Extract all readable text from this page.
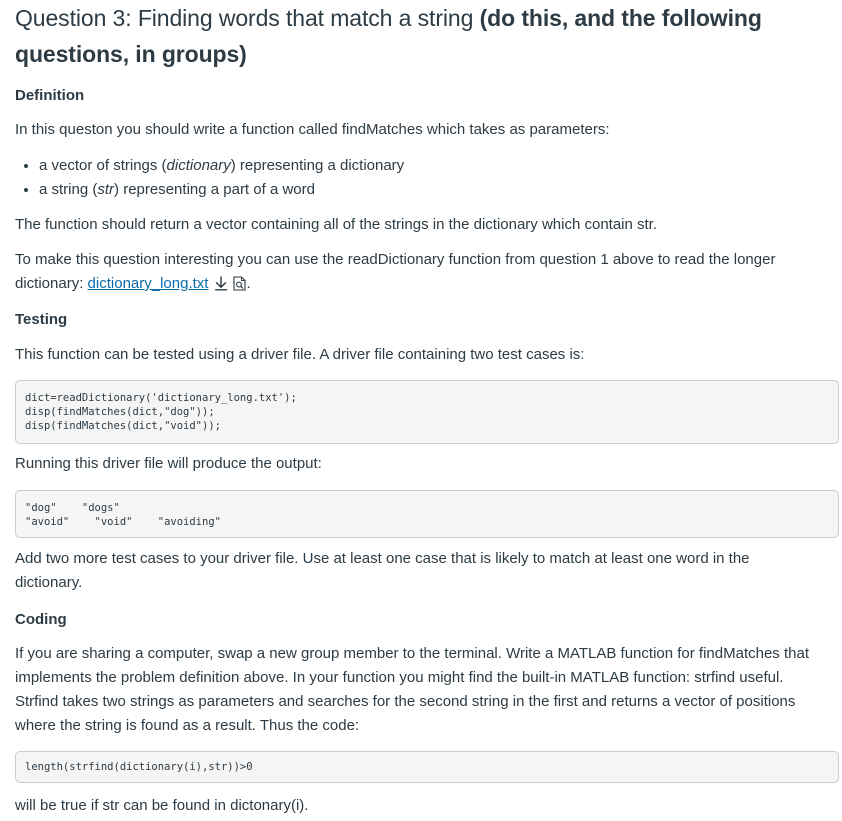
Question 3: Finding words that match a string (do this, and the following questions, in groups)
Definition

In this queston you should write a function called findMatches which takes as parameters:

• a vector of strings (dictionary) representing a dictionary
• a string (str) representing a part of a word

The function should return a vector containing all of the strings in the dictionary which contain str.

To make this question interesting you can use the readDictionary function from question 1 above to read the longer dictionary: dictionary_long.txt	.

Testing

This function can be tested using a driver file. A driver file containing two test cases is:

dict=readDictionary('dictionary_long.txt');
disp(findMatches(dict,"dog"));
disp(findMatches(dict,"void"));

Running this driver file will produce the output:

"dog"    "dogs"
"avoid"    "void"    "avoiding"

Add two more test cases to your driver file. Use at least one case that is likely to match at least one word in the dictionary.

Coding

If you are sharing a computer, swap a new group member to the terminal. Write a MATLAB function for findMatches that implements the problem definition above. In your function you might find the built-in MATLAB function: strfind useful. Strfind takes two strings as parameters and searches for the second string in the first and returns a vector of positions where the string is found as a result. Thus the code:

length(strfind(dictionary(i),str))>0

will be true if str can be found in dictonary(i).
